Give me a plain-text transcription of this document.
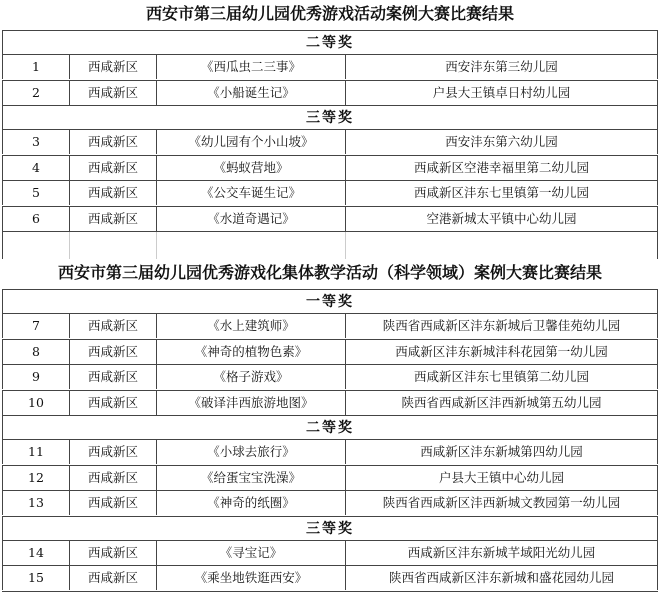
西安市第三届幼儿园优秀游戏活动案例大赛比赛结果
二等奖
1	西咸新区	《西瓜虫二三事》	西安沣东第三幼儿园
2	西咸新区	《小船诞生记》	户县大王镇卓日村幼儿园
三等奖
3	西咸新区	《幼儿园有个小山坡》	西安沣东第六幼儿园
4	西咸新区	《蚂蚁营地》	西咸新区空港幸福里第二幼儿园
5	西咸新区	《公交车诞生记》	西咸新区沣东七里镇第一幼儿园
6	西咸新区	《水道奇遇记》	空港新城太平镇中心幼儿园
西安市第三届幼儿园优秀游戏化集体教学活动（科学领域）案例大赛比赛结果
一等奖
7	西咸新区	《水上建筑师》	陕西省西咸新区沣东新城后卫馨佳苑幼儿园
8	西咸新区	《神奇的植物色素》	西咸新区沣东新城沣科花园第一幼儿园
9	西咸新区	《格子游戏》	西咸新区沣东七里镇第二幼儿园
10	西咸新区	《破译沣西旅游地图》	陕西省西咸新区沣西新城第五幼儿园
二等奖
11	西咸新区	《小球去旅行》	西咸新区沣东新城第四幼儿园
12	西咸新区	《给蛋宝宝洗澡》	户县大王镇中心幼儿园
13	西咸新区	《神奇的纸圈》	陕西省西咸新区沣西新城文教园第一幼儿园
三等奖
14	西咸新区	《寻宝记》	西咸新区沣东新城芊域阳光幼儿园
15	西咸新区	《乘坐地铁逛西安》	陕西省西咸新区沣东新城和盛花园幼儿园
